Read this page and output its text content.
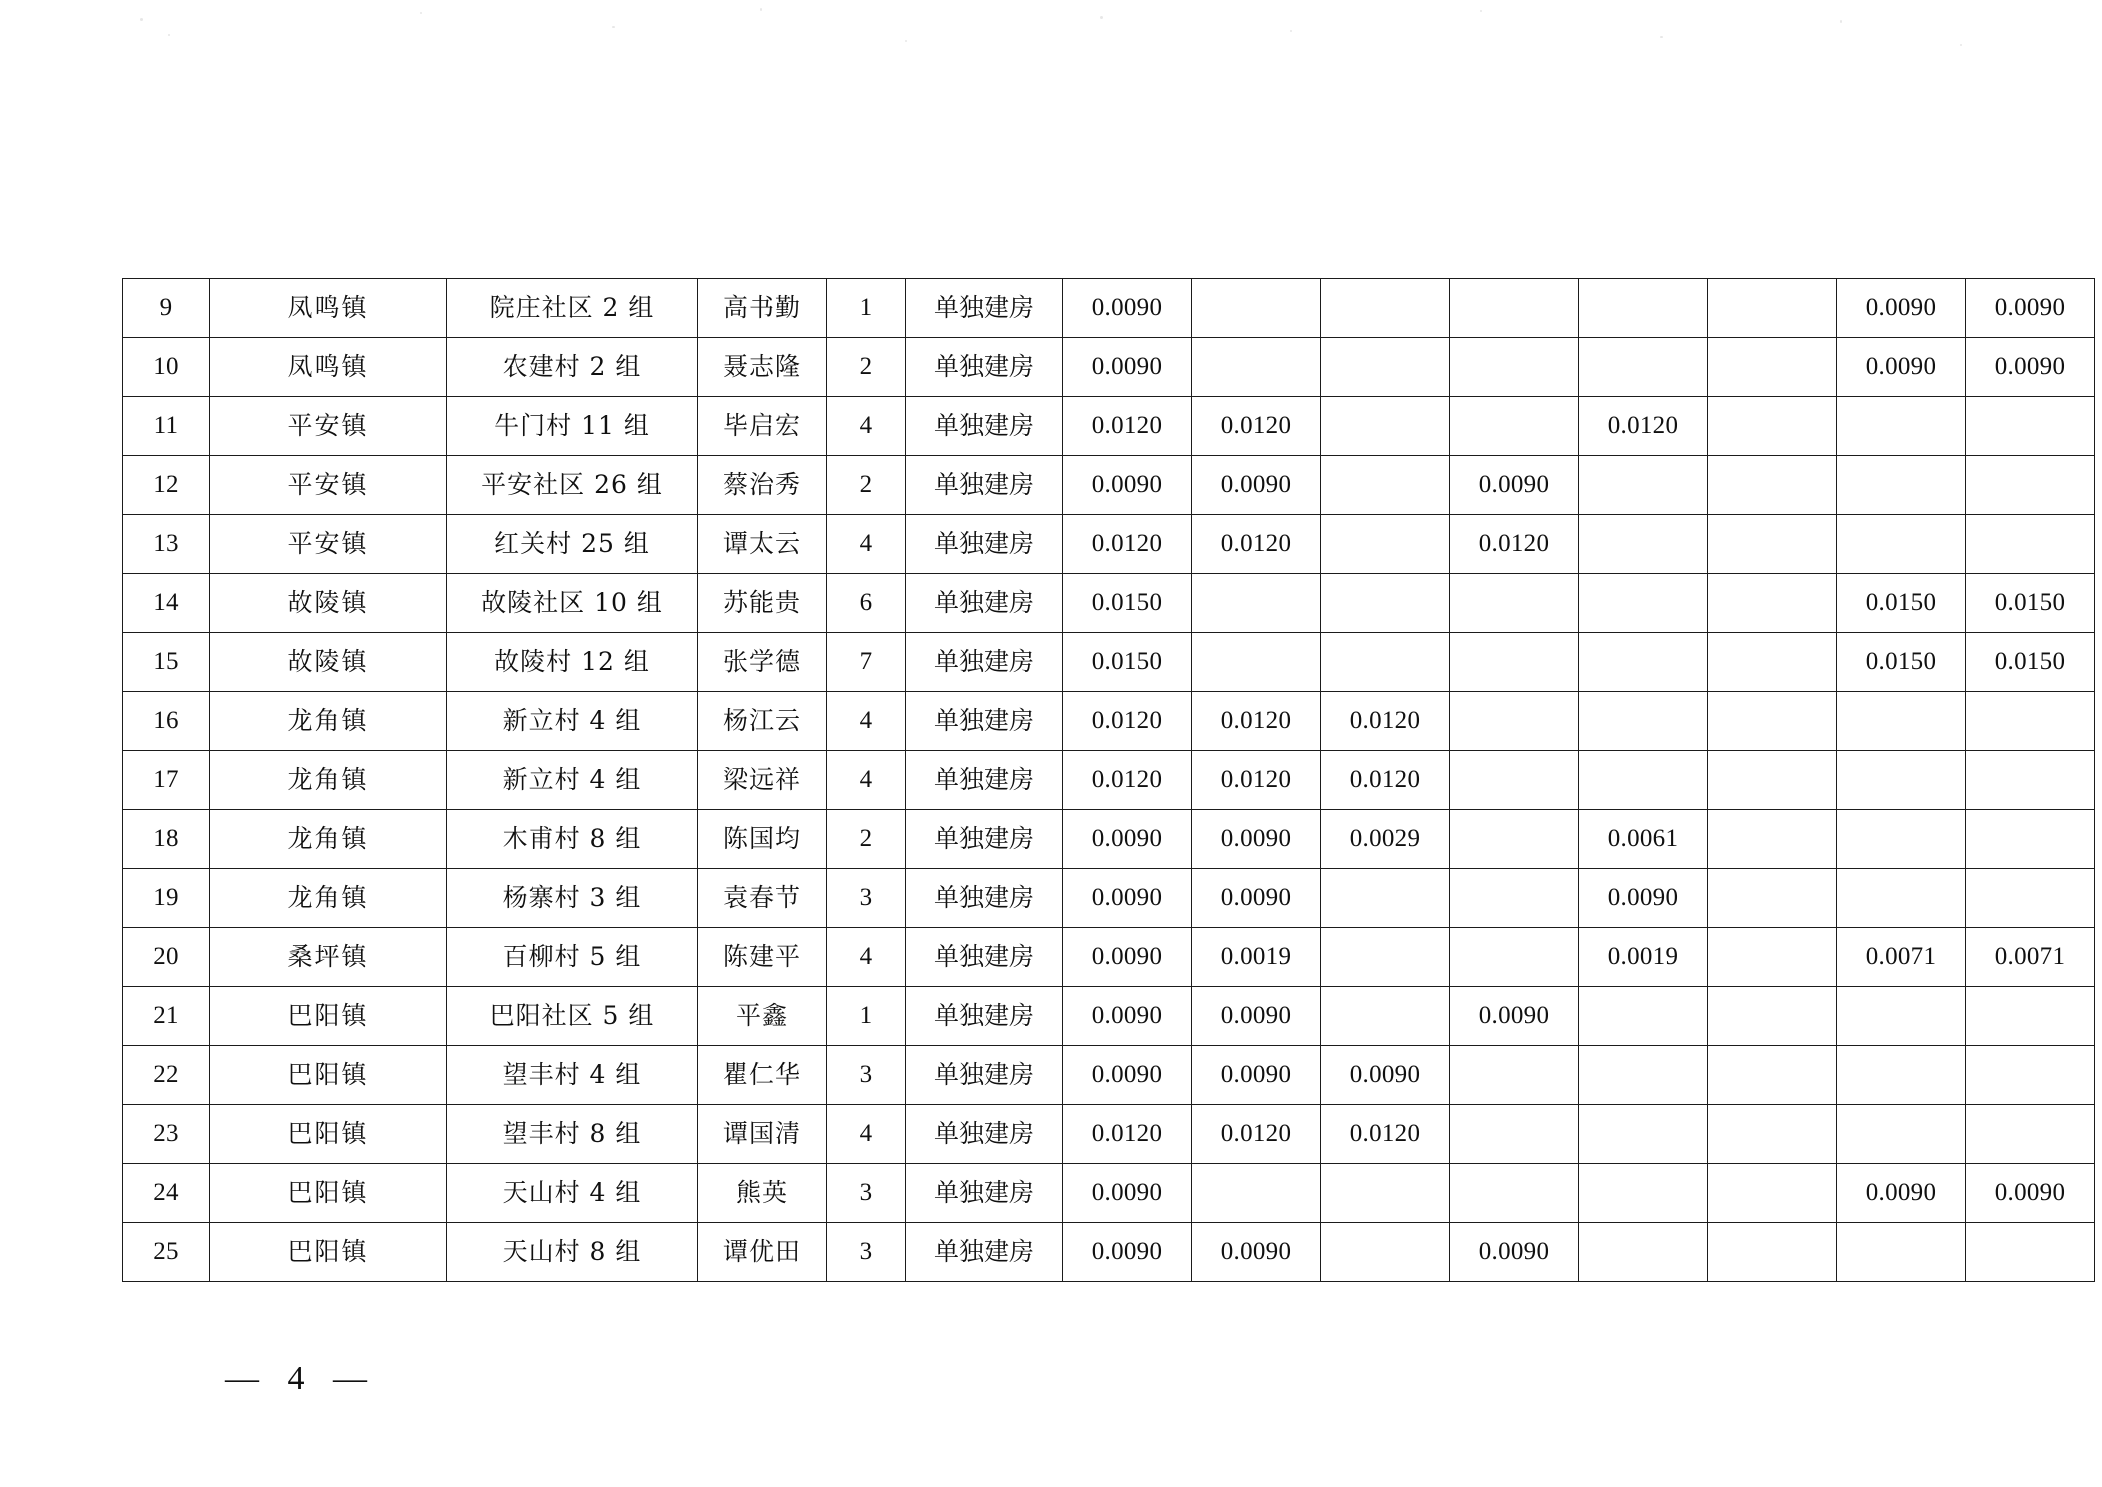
9	凤鸣镇	院庄社区 2 组	高书勤	1	单独建房	0.0090						0.0090	0.0090
10	凤鸣镇	农建村 2 组	聂志隆	2	单独建房	0.0090						0.0090	0.0090
11	平安镇	牛门村 11 组	毕启宏	4	单独建房	0.0120	0.0120			0.0120			
12	平安镇	平安社区 26 组	蔡治秀	2	单独建房	0.0090	0.0090		0.0090				
13	平安镇	红关村 25 组	谭太云	4	单独建房	0.0120	0.0120		0.0120				
14	故陵镇	故陵社区 10 组	苏能贵	6	单独建房	0.0150						0.0150	0.0150
15	故陵镇	故陵村 12 组	张学德	7	单独建房	0.0150						0.0150	0.0150
16	龙角镇	新立村 4 组	杨江云	4	单独建房	0.0120	0.0120	0.0120					
17	龙角镇	新立村 4 组	梁远祥	4	单独建房	0.0120	0.0120	0.0120					
18	龙角镇	木甫村 8 组	陈国均	2	单独建房	0.0090	0.0090	0.0029		0.0061			
19	龙角镇	杨寨村 3 组	袁春节	3	单独建房	0.0090	0.0090			0.0090			
20	桑坪镇	百柳村 5 组	陈建平	4	单独建房	0.0090	0.0019			0.0019		0.0071	0.0071
21	巴阳镇	巴阳社区 5 组	平鑫	1	单独建房	0.0090	0.0090		0.0090				
22	巴阳镇	望丰村 4 组	瞿仁华	3	单独建房	0.0090	0.0090	0.0090					
23	巴阳镇	望丰村 8 组	谭国清	4	单独建房	0.0120	0.0120	0.0120					
24	巴阳镇	天山村 4 组	熊英	3	单独建房	0.0090						0.0090	0.0090
25	巴阳镇	天山村 8 组	谭优田	3	单独建房	0.0090	0.0090		0.0090				
— 4 —
